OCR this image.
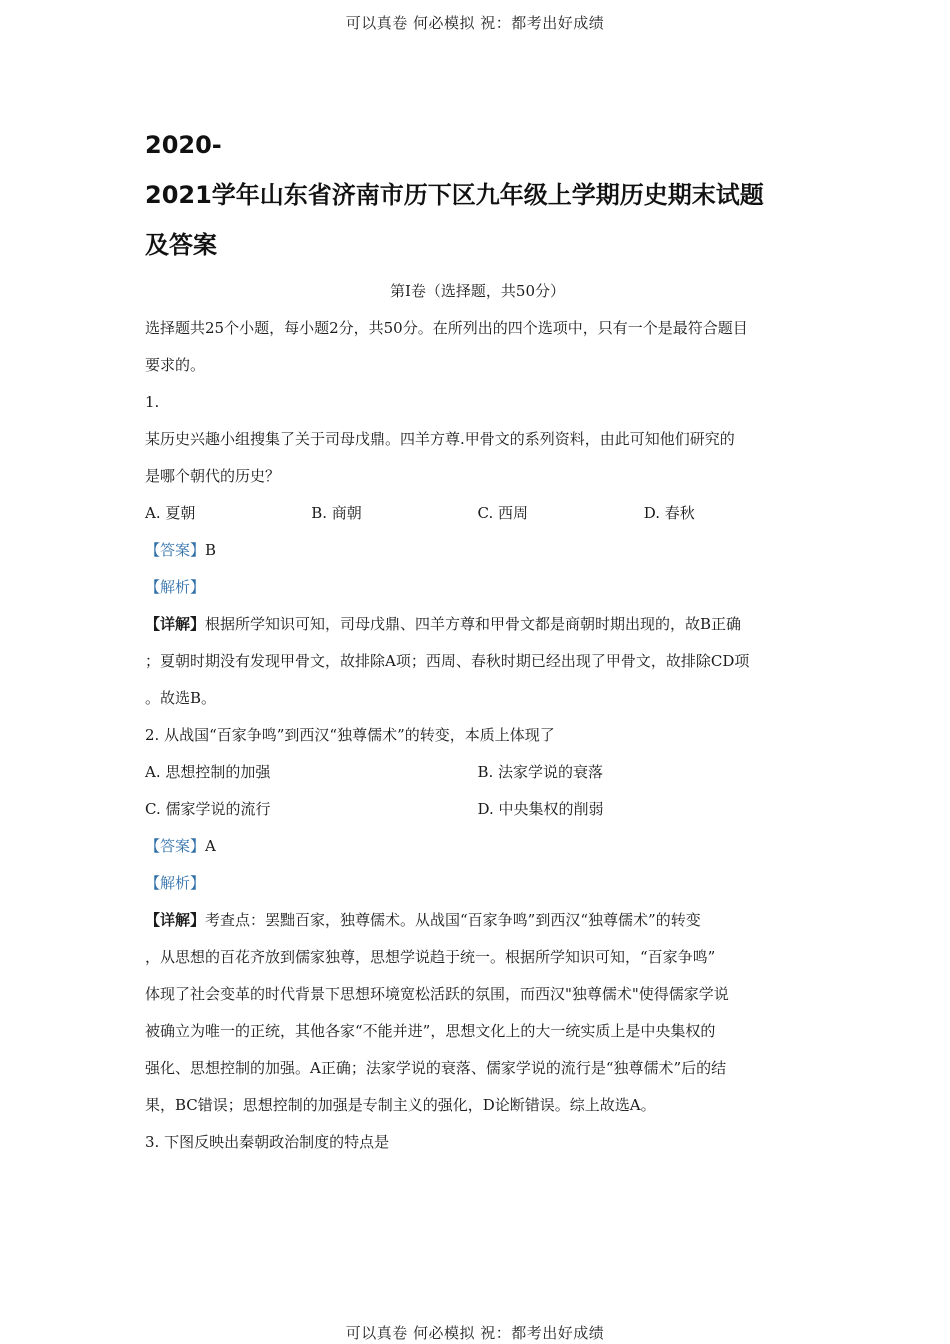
可以真卷 何必模拟 祝：都考出好成绩
2020-
2021学年山东省济南市历下区九年级上学期历史期末试题
及答案
第Ⅰ卷（选择题，共50分）

选择题共25个小题，每小题2分，共50分。在所列出的四个选项中，只有一个是最符合题目

要求的。

1.

某历史兴趣小组搜集了关于司母戊鼎。四羊方尊.甲骨文的系列资料，由此可知他们研究的

是哪个朝代的历史？

A. 夏朝	B. 商朝	C. 西周	D. 春秋

【答案】B

【解析】

【详解】根据所学知识可知，司母戊鼎、四羊方尊和甲骨文都是商朝时期出现的，故B正确

；夏朝时期没有发现甲骨文，故排除A项；西周、春秋时期已经出现了甲骨文，故排除CD项

。故选B。

2. 从战国“百家争鸣”到西汉“独尊儒术”的转变，本质上体现了

A. 思想控制的加强	B. 法家学说的衰落
C. 儒家学说的流行	D. 中央集权的削弱

【答案】A

【解析】

【详解】考查点：罢黜百家，独尊儒术。从战国“百家争鸣”到西汉“独尊儒术”的转变

，从思想的百花齐放到儒家独尊，思想学说趋于统一。根据所学知识可知，“百家争鸣”

体现了社会变革的时代背景下思想环境宽松活跃的氛围，而西汉"独尊儒术"使得儒家学说

被确立为唯一的正统，其他各家“不能并进”，思想文化上的大一统实质上是中央集权的

强化、思想控制的加强。A正确；法家学说的衰落、儒家学说的流行是“独尊儒术”后的结

果，BC错误；思想控制的加强是专制主义的强化，D论断错误。综上故选A。

3. 下图反映出秦朝政治制度的特点是

可以真卷 何必模拟 祝：都考出好成绩
